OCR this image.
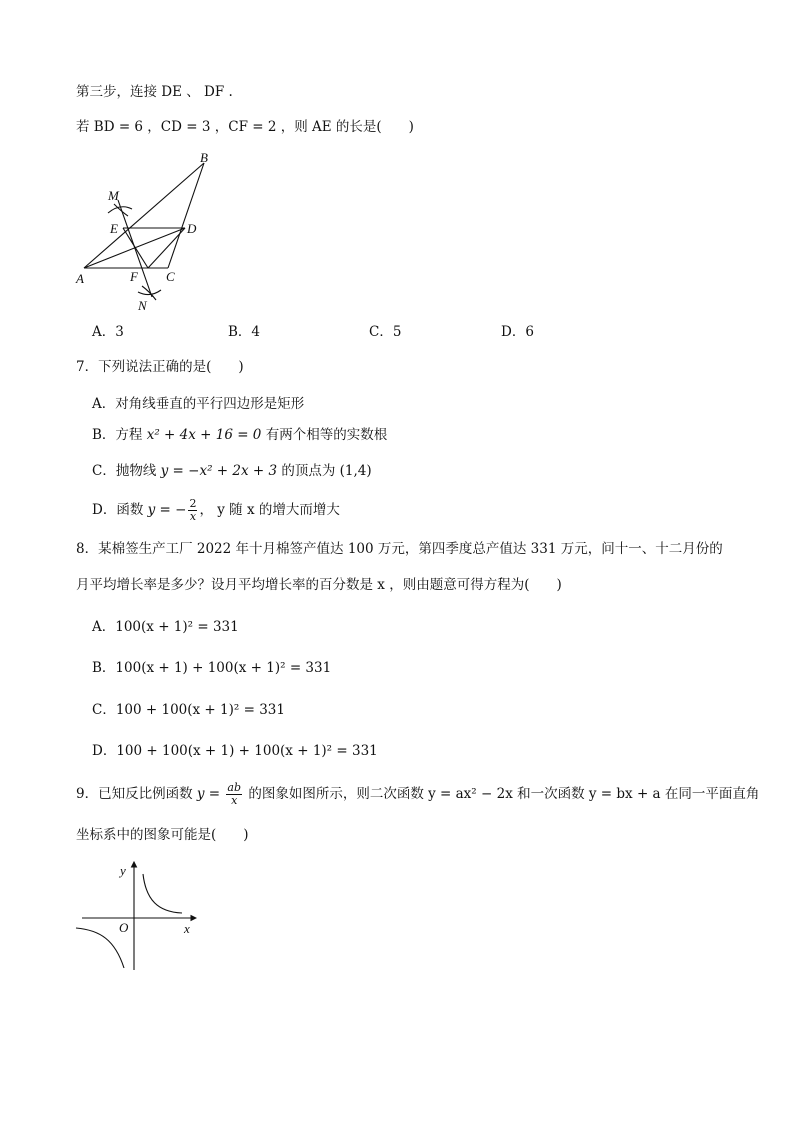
第三步，连接 DE 、 DF .
若 BD = 6 ，CD = 3 ，CF = 2 ，则 AE 的长是(　　)
B
M
E	D
A	F C
N
A．3	B．4	C．5	D．6
7．下列说法正确的是(　　)
A．对角线垂直的平行四边形是矩形
B．方程 x² + 4x + 16 = 0 有两个相等的实数根
C．抛物线 y = −x² + 2x + 3 的顶点为 (1,4)
D．函数 y = − $\frac{2}{x}$ ， y 随 x 的增大而增大
8．某棉签生产工厂 2022 年十月棉签产值达 100 万元，第四季度总产值达 331 万元，问十一、十二月份的
月平均增长率是多少？设月平均增长率的百分数是 x ，则由题意可得方程为(　　)
A．100(x + 1)² = 331
B．100(x + 1) + 100(x + 1)² = 331
C．100 + 100(x + 1)² = 331
D．100 + 100(x + 1) + 100(x + 1)² = 331
9．已知反比例函数 $y = \frac{ab}{x}$ 的图象如图所示，则二次函数 y = ax² − 2x 和一次函数 y = bx + a 在同一平面直角
坐标系中的图象可能是(　　)
y
O	x
